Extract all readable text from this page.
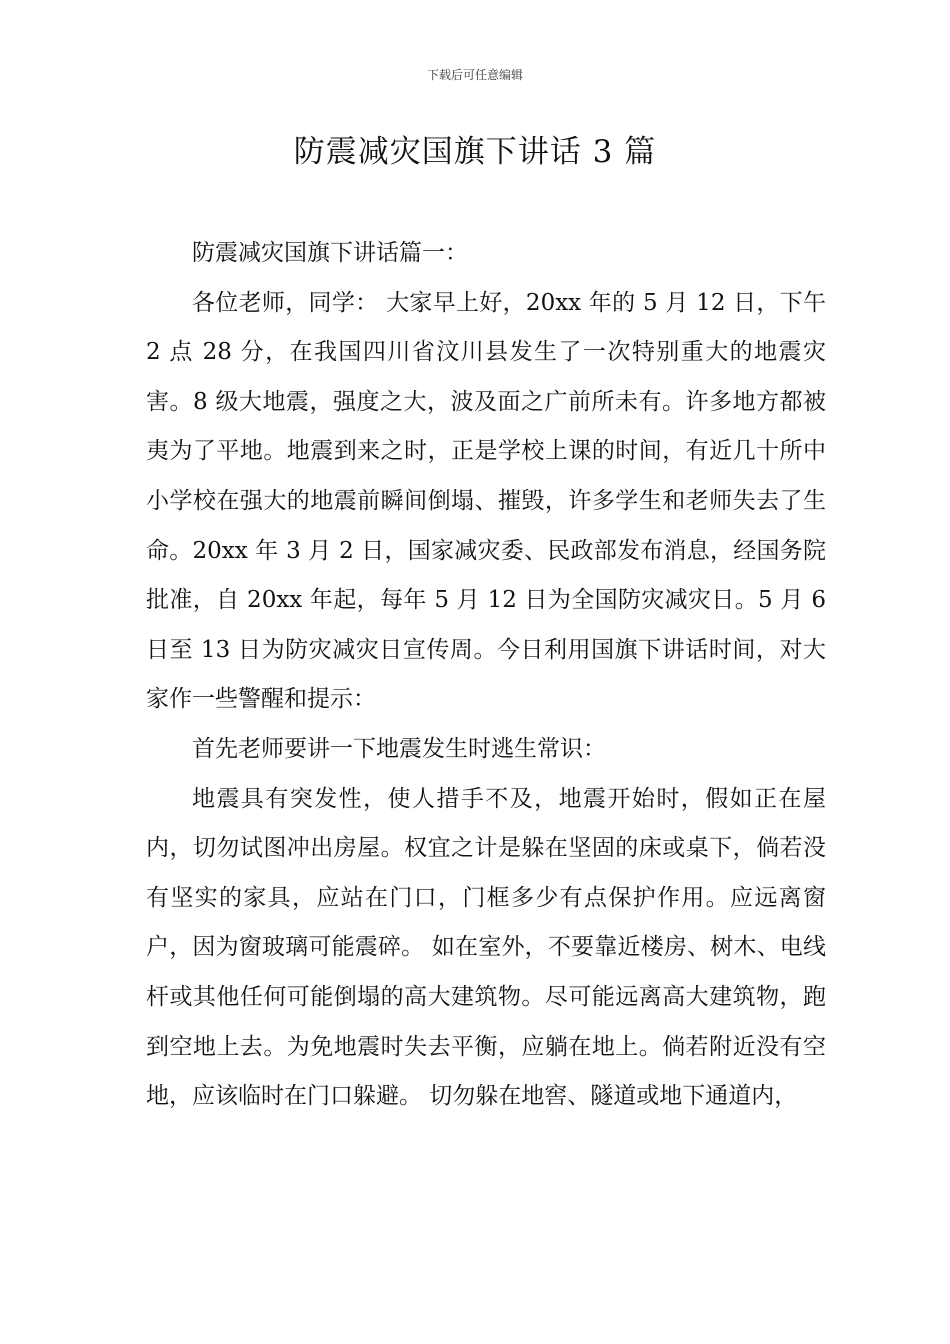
下载后可任意编辑
防震减灾国旗下讲话 3 篇

防震减灾国旗下讲话篇一：

各位老师，同学： 大家早上好，20xx 年的 5 月 12 日，下午 2 点 28 分，在我国四川省汶川县发生了一次特别重大的地震灾害。8 级大地震，强度之大，波及面之广前所未有。许多地方都被夷为了平地。地震到来之时，正是学校上课的时间，有近几十所中小学校在强大的地震前瞬间倒塌、摧毁，许多学生和老师失去了生命。20xx 年 3 月 2 日，国家减灾委、民政部发布消息，经国务院批准，自 20xx 年起，每年 5 月 12 日为全国防灾减灾日。5 月 6 日至 13 日为防灾减灾日宣传周。今日利用国旗下讲话时间，对大家作一些警醒和提示：

首先老师要讲一下地震发生时逃生常识：

地震具有突发性，使人措手不及，地震开始时，假如正在屋内，切勿试图冲出房屋。权宜之计是躲在坚固的床或桌下，倘若没有坚实的家具，应站在门口，门框多少有点保护作用。应远离窗户，因为窗玻璃可能震碎。 如在室外，不要靠近楼房、树木、电线杆或其他任何可能倒塌的高大建筑物。尽可能远离高大建筑物，跑到空地上去。为免地震时失去平衡，应躺在地上。倘若附近没有空地，应该临时在门口躲避。 切勿躲在地窖、隧道或地下通道内，
